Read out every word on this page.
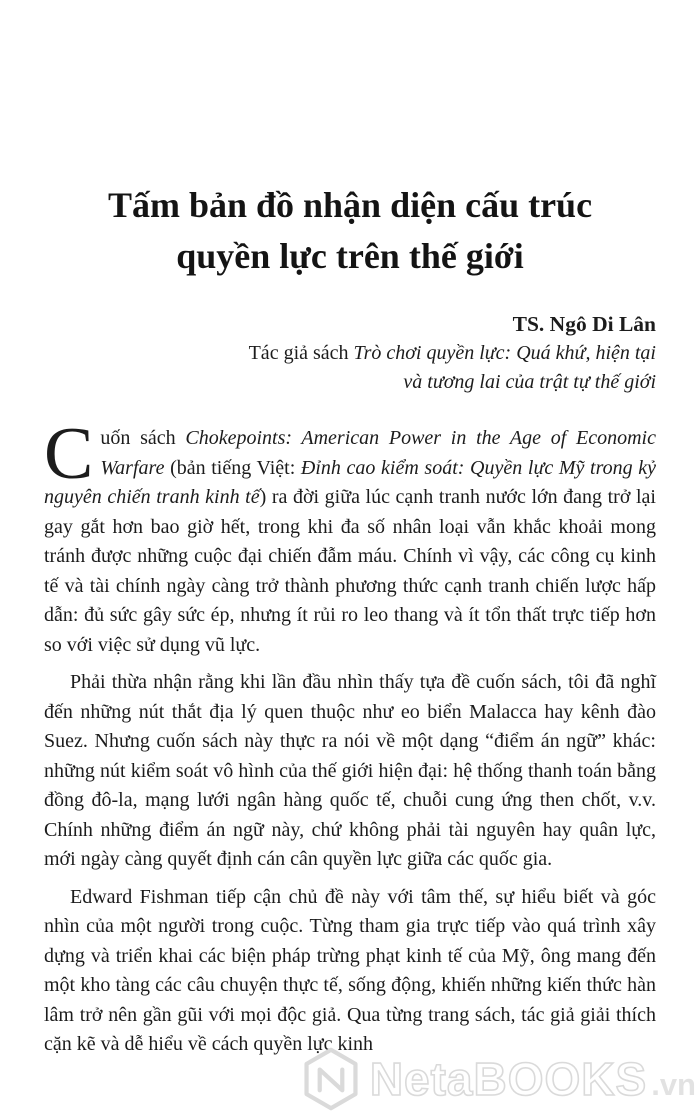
Tấm bản đồ nhận diện cấu trúc
quyền lực trên thế giới
TS. Ngô Di Lân
Tác giả sách Trò chơi quyền lực: Quá khứ, hiện tại
và tương lai của trật tự thế giới

Cuốn sách Chokepoints: American Power in the Age of Economic Warfare (bản tiếng Việt: Đỉnh cao kiểm soát: Quyền lực Mỹ trong kỷ nguyên chiến tranh kinh tế) ra đời giữa lúc cạnh tranh nước lớn đang trở lại gay gắt hơn bao giờ hết, trong khi đa số nhân loại vẫn khắc khoải mong tránh được những cuộc đại chiến đẫm máu. Chính vì vậy, các công cụ kinh tế và tài chính ngày càng trở thành phương thức cạnh tranh chiến lược hấp dẫn: đủ sức gây sức ép, nhưng ít rủi ro leo thang và ít tổn thất trực tiếp hơn so với việc sử dụng vũ lực.

Phải thừa nhận rằng khi lần đầu nhìn thấy tựa đề cuốn sách, tôi đã nghĩ đến những nút thắt địa lý quen thuộc như eo biển Malacca hay kênh đào Suez. Nhưng cuốn sách này thực ra nói về một dạng “điểm án ngữ” khác: những nút kiểm soát vô hình của thế giới hiện đại: hệ thống thanh toán bằng đồng đô-la, mạng lưới ngân hàng quốc tế, chuỗi cung ứng then chốt, v.v. Chính những điểm án ngữ này, chứ không phải tài nguyên hay quân lực, mới ngày càng quyết định cán cân quyền lực giữa các quốc gia.

Edward Fishman tiếp cận chủ đề này với tâm thế, sự hiểu biết và góc nhìn của một người trong cuộc. Từng tham gia trực tiếp vào quá trình xây dựng và triển khai các biện pháp trừng phạt kinh tế của Mỹ, ông mang đến một kho tàng các câu chuyện thực tế, sống động, khiến những kiến thức hàn lâm trở nên gần gũi với mọi độc giả. Qua từng trang sách, tác giả giải thích cặn kẽ và dễ hiểu về cách quyền lực kinh

NetaBOOKS .vn
